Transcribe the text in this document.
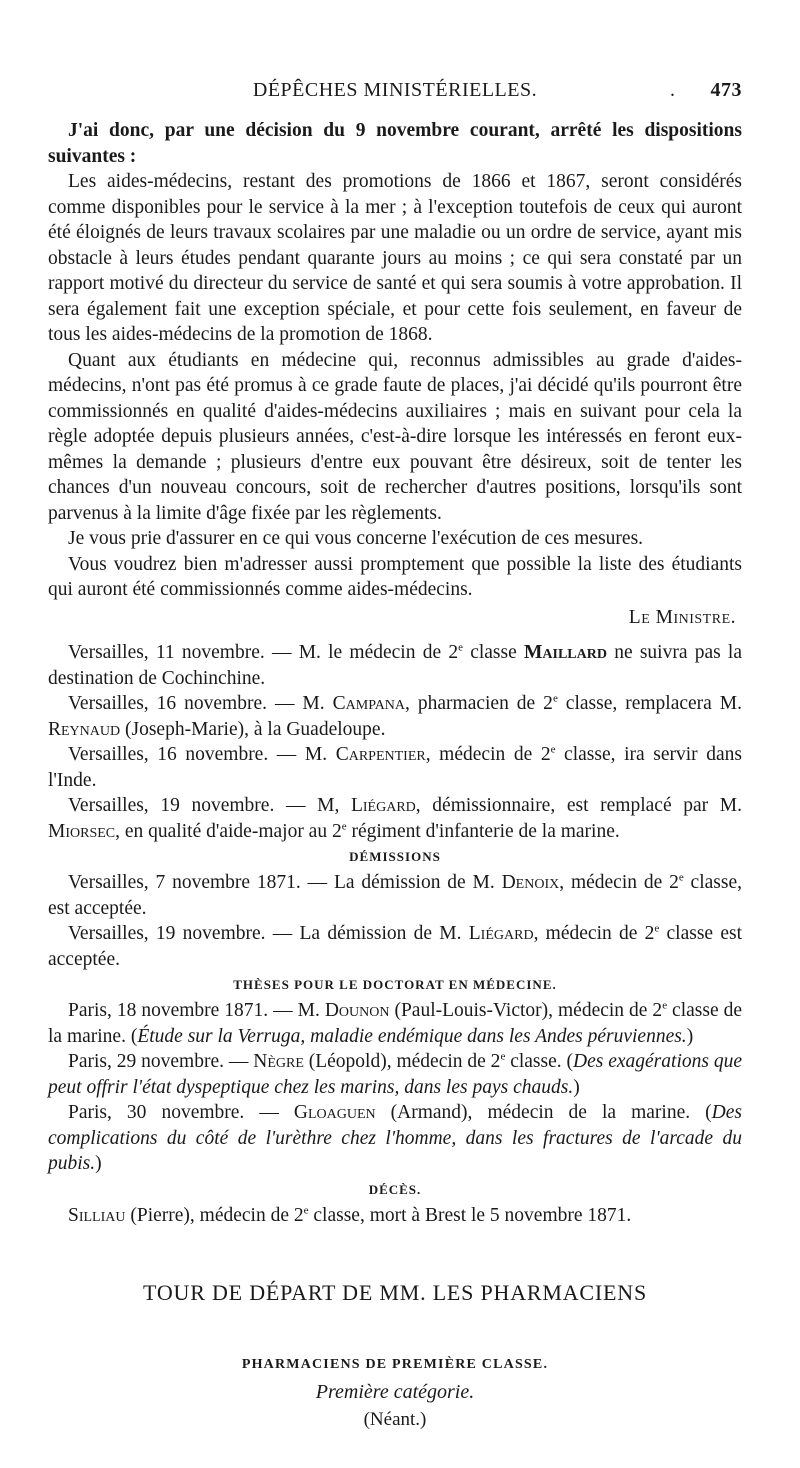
DÉPÊCHES MINISTÉRIELLES.	. 473

J'ai donc, par une décision du 9 novembre courant, arrêté les dispositions suivantes :

Les aides-médecins, restant des promotions de 1866 et 1867, seront considérés comme disponibles pour le service à la mer ; à l'exception toutefois de ceux qui auront été éloignés de leurs travaux scolaires par une maladie ou un ordre de service, ayant mis obstacle à leurs études pendant quarante jours au moins ; ce qui sera constaté par un rapport motivé du directeur du service de santé et qui sera soumis à votre approbation. Il sera également fait une exception spéciale, et pour cette fois seulement, en faveur de tous les aides-médecins de la promotion de 1868.

Quant aux étudiants en médecine qui, reconnus admissibles au grade d'aides-médecins, n'ont pas été promus à ce grade faute de places, j'ai décidé qu'ils pourront être commissionnés en qualité d'aides-médecins auxiliaires ; mais en suivant pour cela la règle adoptée depuis plusieurs années, c'est-à-dire lorsque les intéressés en feront eux-mêmes la demande ; plusieurs d'entre eux pouvant être désireux, soit de tenter les chances d'un nouveau concours, soit de rechercher d'autres positions, lorsqu'ils sont parvenus à la limite d'âge fixée par les règlements.

Je vous prie d'assurer en ce qui vous concerne l'exécution de ces mesures.

Vous voudrez bien m'adresser aussi promptement que possible la liste des étudiants qui auront été commissionnés comme aides-médecins.

Le Ministre.

Versailles, 11 novembre. — M. le médecin de 2e classe Maillard ne suivra pas la destination de Cochinchine.

Versailles, 16 novembre. — M. Campana, pharmacien de 2e classe, remplacera M. Reynaud (Joseph-Marie), à la Guadeloupe.

Versailles, 16 novembre. — M. Carpentier, médecin de 2e classe, ira servir dans l'Inde.

Versailles, 19 novembre. — M, Liégard, démissionnaire, est remplacé par M. Miorsec, en qualité d'aide-major au 2e régiment d'infanterie de la marine.

DÉMISSIONS

Versailles, 7 novembre 1871. — La démission de M. Denoix, médecin de 2e classe, est acceptée.

Versailles, 19 novembre. — La démission de M. Liégard, médecin de 2e classe est acceptée.

THÈSES POUR LE DOCTORAT EN MÉDECINE.

Paris, 18 novembre 1871. — M. Dounon (Paul-Louis-Victor), médecin de 2e classe de la marine. (Étude sur la Verruga, maladie endémique dans les Andes péruviennes.)

Paris, 29 novembre. — Nègre (Léopold), médecin de 2e classe. (Des exagérations que peut offrir l'état dyspeptique chez les marins, dans les pays chauds.)

Paris, 30 novembre. — Gloaguen (Armand), médecin de la marine. (Des complications du côté de l'urèthre chez l'homme, dans les fractures de l'arcade du pubis.)

DÉCÈS.

Silliau (Pierre), médecin de 2e classe, mort à Brest le 5 novembre 1871.

TOUR DE DÉPART DE MM. LES PHARMACIENS
PHARMACIENS DE PREMIÈRE CLASSE.
Première catégorie.
(Néant.)
